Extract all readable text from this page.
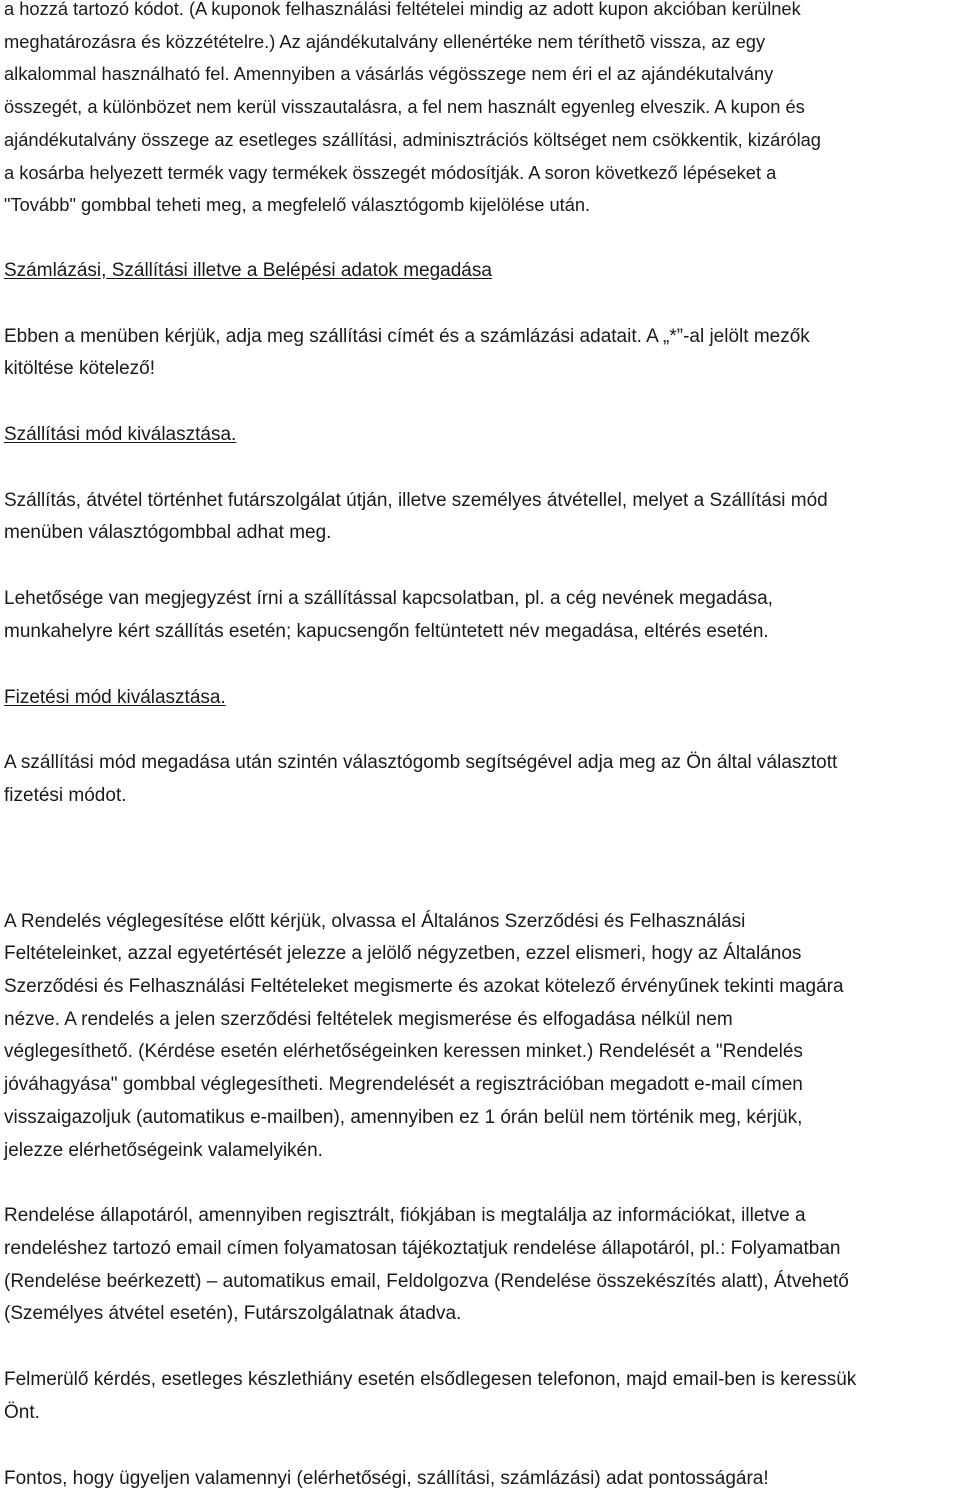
a hozzá tartozó kódot. (A kuponok felhasználási feltételei mindig az adott kupon akcióban kerülnek
meghatározásra és közzétételre.) Az ajándékutalvány ellenértéke nem téríthetõ vissza, az egy
alkalommal használható fel. Amennyiben a vásárlás végösszege nem éri el az ajándékutalvány
összegét, a különbözet nem kerül visszautalásra, a fel nem használt egyenleg elveszik. A kupon és
ajándékutalvány összege az esetleges szállítási, adminisztrációs költséget nem csökkentik, kizárólag
a kosárba helyezett termék vagy termékek összegét módosítják. A soron következő lépéseket a
"Tovább" gombbal teheti meg, a megfelelő választógomb kijelölése után.

Számlázási, Szállítási illetve a Belépési adatok megadása

Ebben a menüben kérjük, adja meg szállítási címét és a számlázási adatait. A „*”-al jelölt mezők
kitöltése kötelező!

Szállítási mód kiválasztása.

Szállítás, átvétel történhet futárszolgálat útján, illetve személyes átvétellel, melyet a Szállítási mód
menüben választógombbal adhat meg.

Lehetősége van megjegyzést írni a szállítással kapcsolatban, pl. a cég nevének megadása,
munkahelyre kért szállítás esetén; kapucsengőn feltüntetett név megadása, eltérés esetén.

Fizetési mód kiválasztása.

A szállítási mód megadása után szintén választógomb segítségével adja meg az Ön által választott
fizetési módot.

A Rendelés véglegesítése előtt kérjük, olvassa el Általános Szerződési és Felhasználási
Feltételeinket, azzal egyetértését jelezze a jelölő négyzetben, ezzel elismeri, hogy az Általános
Szerződési és Felhasználási Feltételeket megismerte és azokat kötelező érvényűnek tekinti magára
nézve. A rendelés a jelen szerződési feltételek megismerése és elfogadása nélkül nem
véglegesíthető. (Kérdése esetén elérhetőségeinken keressen minket.) Rendelését a "Rendelés
jóváhagyása" gombbal véglegesítheti. Megrendelését a regisztrációban megadott e-mail címen
visszaigazoljuk (automatikus e-mailben), amennyiben ez 1 órán belül nem történik meg, kérjük,
jelezze elérhetőségeink valamelyikén.

Rendelése állapotáról, amennyiben regisztrált, fiókjában is megtalálja az információkat, illetve a
rendeléshez tartozó email címen folyamatosan tájékoztatjuk rendelése állapotáról, pl.: Folyamatban
(Rendelése beérkezett) – automatikus email, Feldolgozva (Rendelése összekészítés alatt), Átvehető
(Személyes átvétel esetén), Futárszolgálatnak átadva.

Felmerülő kérdés, esetleges készlethiány esetén elsődlegesen telefonon, majd email-ben is keressük
Önt.

Fontos, hogy ügyeljen valamennyi (elérhetőségi, szállítási, számlázási) adat pontosságára!
